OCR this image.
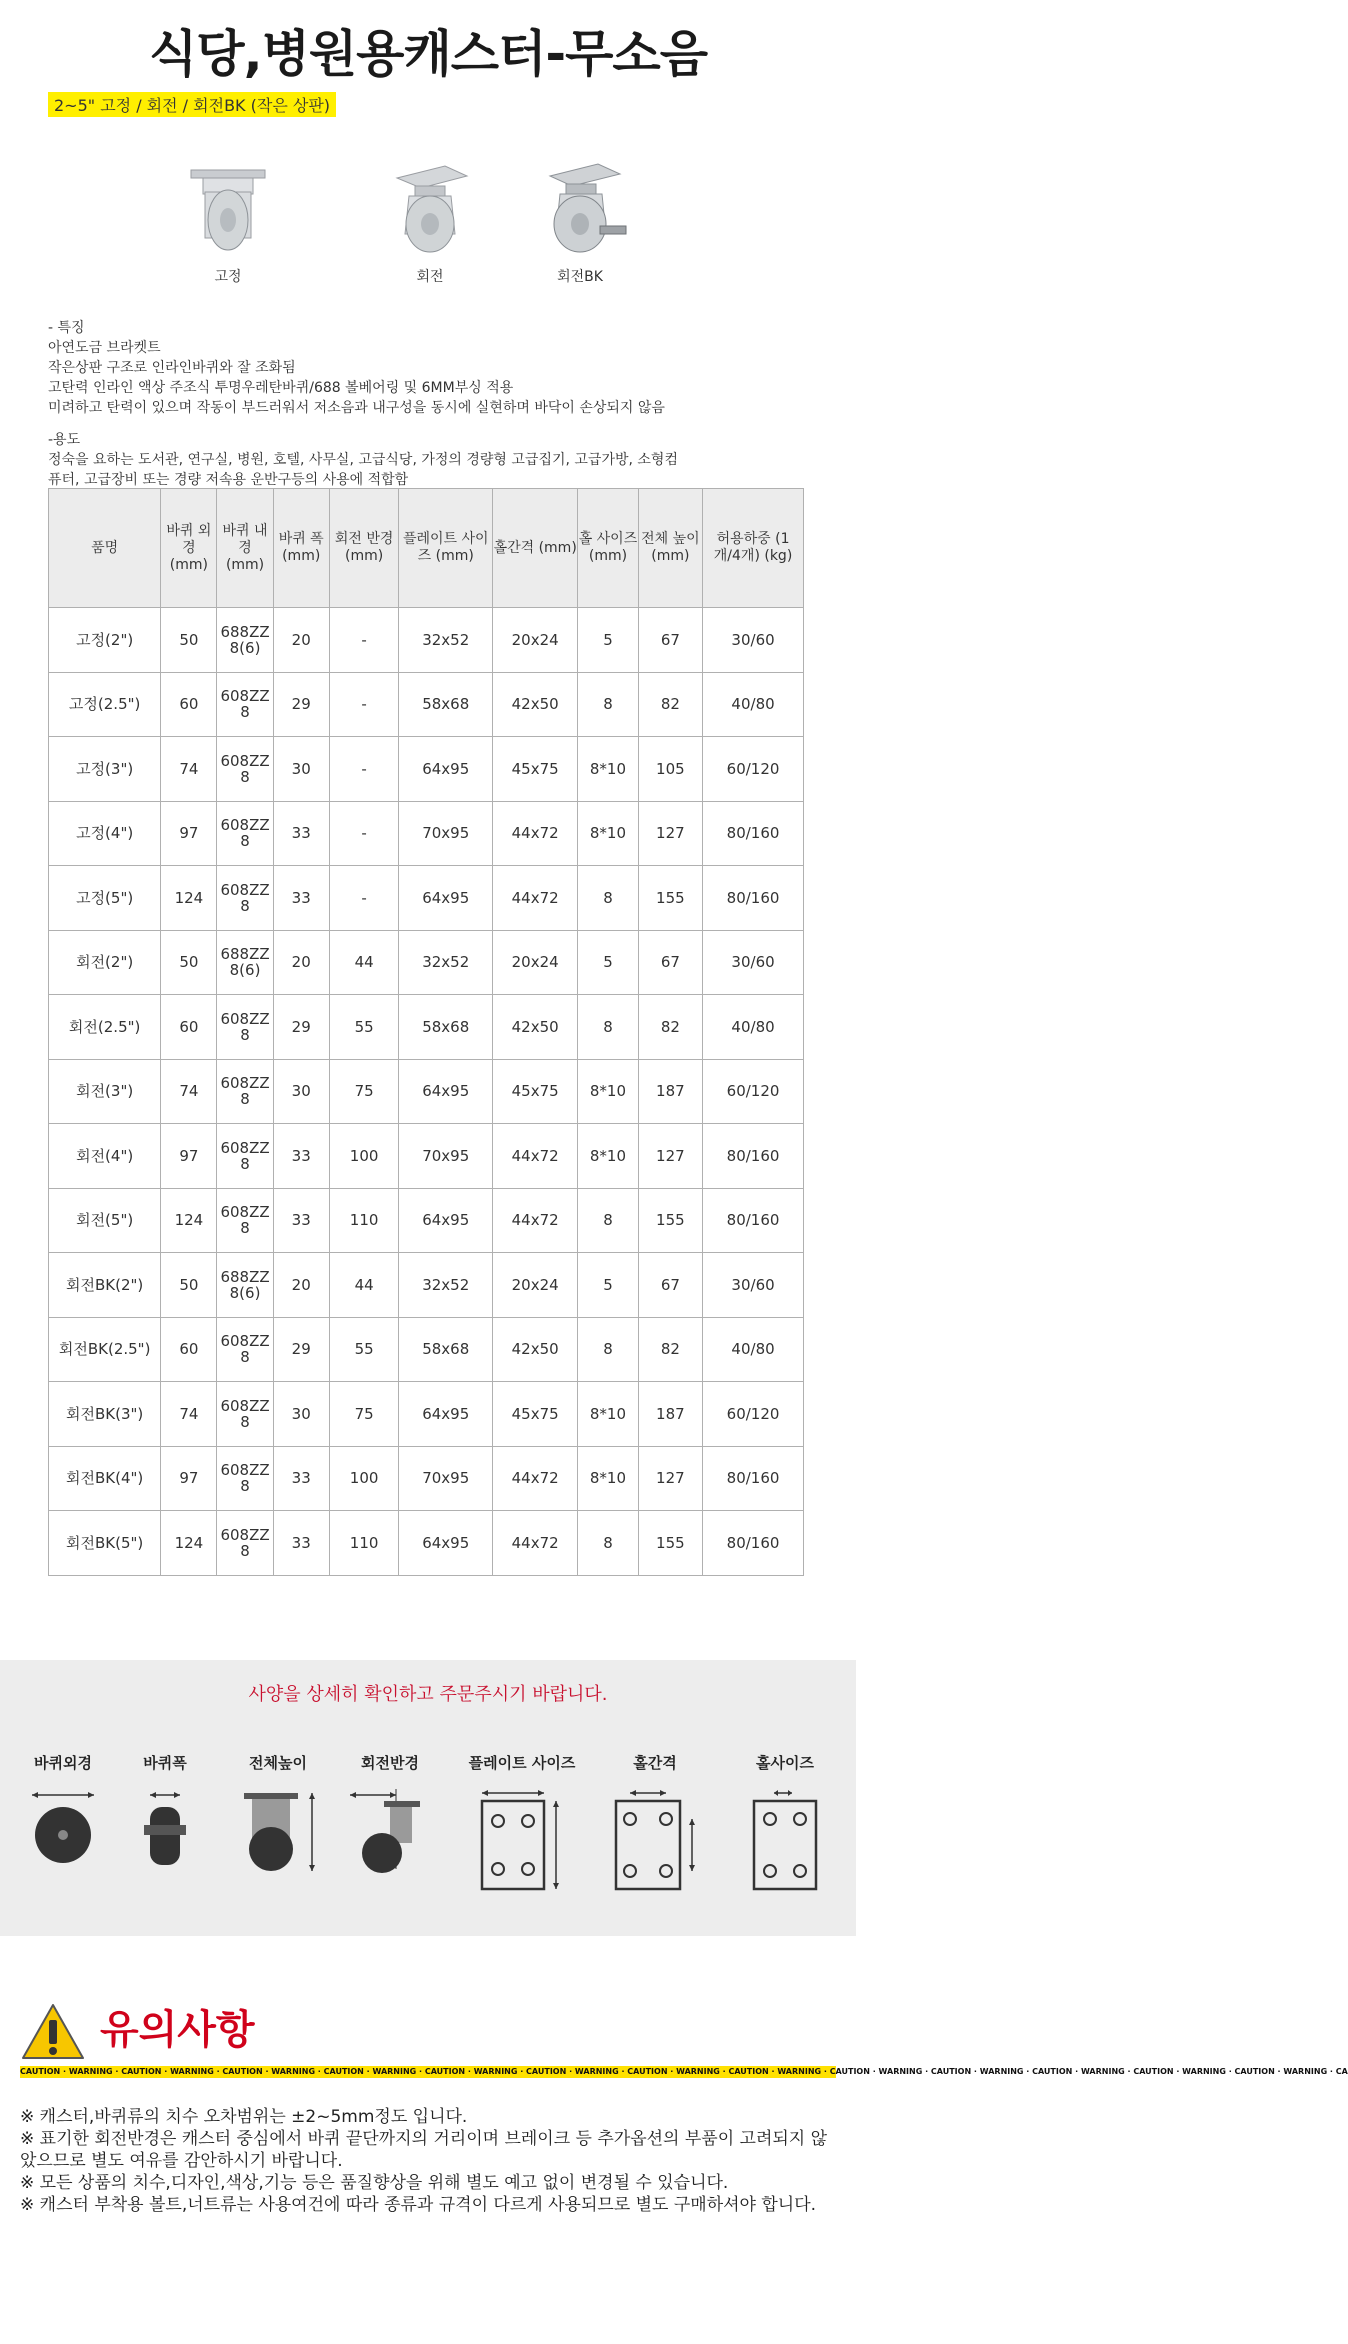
식당,병원용캐스터-무소음
2~5" 고정 / 회전 / 회전BK (작은 상판)
고정	회전	회전BK

- 특징

아연도금 브라켓트

작은상판 구조로 인라인바퀴와 잘 조화됨

고탄력 인라인 액상 주조식 투명우레탄바퀴/688 볼베어링 및 6MM부싱 적용

미려하고 탄력이 있으며 작동이 부드러워서 저소음과 내구성을 동시에 실현하며 바닥이 손상되지 않음

-용도

정숙을 요하는 도서관, 연구실, 병원, 호텔, 사무실, 고급식당, 가정의 경량형 고급집기, 고급가방, 소형컴퓨터, 고급장비 또는 경량 저속용 운반구등의 사용에 적합함

품명	바퀴 외경 (mm)	바퀴 내경 (mm)	바퀴 폭 (mm)	회전 반경 (mm)	플레이트 사이즈 (mm)	홀간격 (mm)	홀 사이즈 (mm)	전체 높이 (mm)	허용하중 (1개/4개) (kg)
고정(2")	50	688ZZ 8(6)	20	-	32x52	20x24	5	67	30/60
고정(2.5")	60	608ZZ 8	29	-	58x68	42x50	8	82	40/80
고정(3")	74	608ZZ 8	30	-	64x95	45x75	8*10	105	60/120
고정(4")	97	608ZZ 8	33	-	70x95	44x72	8*10	127	80/160
고정(5")	124	608ZZ 8	33	-	64x95	44x72	8	155	80/160
회전(2")	50	688ZZ 8(6)	20	44	32x52	20x24	5	67	30/60
회전(2.5")	60	608ZZ 8	29	55	58x68	42x50	8	82	40/80
회전(3")	74	608ZZ 8	30	75	64x95	45x75	8*10	187	60/120
회전(4")	97	608ZZ 8	33	100	70x95	44x72	8*10	127	80/160
회전(5")	124	608ZZ 8	33	110	64x95	44x72	8	155	80/160
회전BK(2")	50	688ZZ 8(6)	20	44	32x52	20x24	5	67	30/60
회전BK(2.5")	60	608ZZ 8	29	55	58x68	42x50	8	82	40/80
회전BK(3")	74	608ZZ 8	30	75	64x95	45x75	8*10	187	60/120
회전BK(4")	97	608ZZ 8	33	100	70x95	44x72	8*10	127	80/160
회전BK(5")	124	608ZZ 8	33	110	64x95	44x72	8	155	80/160
사양을 상세히 확인하고 주문주시기 바랍니다.
바퀴외경	바퀴폭	전체높이	회전반경	플레이트 사이즈	홀간격	홀사이즈
유의사항
CAUTION · WARNING · CAUTION · WARNING · CAUTION · WARNING · CAUTION · WARNING · CAUTION · WARNING · CAUTION · WARNING · CAUTION · WARNING · CAUTION · WARNING · CAUTION · WARNING · CAUTION · WARNING · CAUTION · WARNING · CAUTION · WARNING · CAUTION · WARNING · CA

※ 캐스터,바퀴류의 치수 오차범위는 ±2~5mm정도 입니다.

※ 표기한 회전반경은 캐스터 중심에서 바퀴 끝단까지의 거리이며 브레이크 등 추가옵션의 부품이 고려되지 않았으므로 별도 여유를 감안하시기 바랍니다.

※ 모든 상품의 치수,디자인,색상,기능 등은 품질향상을 위해 별도 예고 없이 변경될 수 있습니다.

※ 캐스터 부착용 볼트,너트류는 사용여건에 따라 종류과 규격이 다르게 사용되므로 별도 구매하셔야 합니다.
